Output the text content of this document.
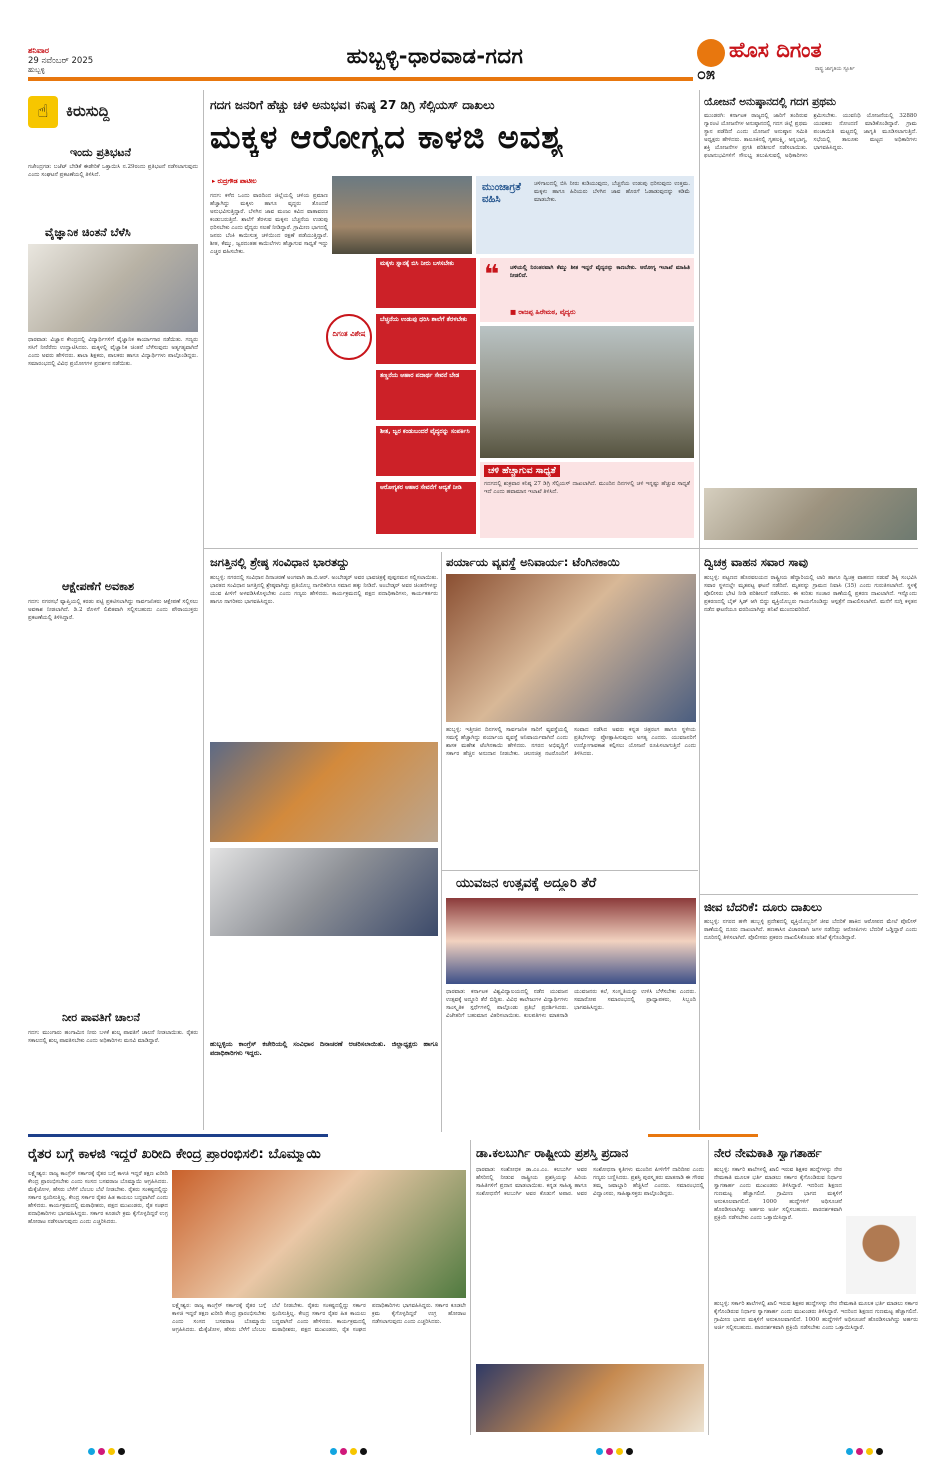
ಶನಿವಾರ
29 ನವೆಂಬರ್ 2025
ಹುಬ್ಬಳ್ಳಿ
ಹುಬ್ಬಳ್ಳಿ-ಧಾರವಾಡ-ಗದಗ	ಹೊಸ ದಿಗಂತ
ರಾಷ್ಟ್ರ ಜಾಗೃತಿಯ ಸ್ಫೂರ್ತಿ
೦೫
☝	ಕಿರುಸುದ್ದಿ
ಇಂದು ಪ್ರತಿಭಟನೆ
ಗಜೇಂದ್ರಗಡ: ಬಜೆಟ್ ಬೇಡಿಕೆ ಈಡೇರಿಕೆ ಒತ್ತಾಯಿಸಿ ನ.29ರಂದು ಪ್ರತಿಭಟನೆ ನಡೆಸಲಾಗುವುದು ಎಂದು ಸಂಘಟನೆ ಪ್ರಕಟಣೆಯಲ್ಲಿ ತಿಳಿಸಿದೆ.
ವೈಜ್ಞಾನಿಕ ಚಿಂತನೆ ಬೆಳೆಸಿ
ಧಾರವಾಡ: ವಿಜ್ಞಾನ ಕೇಂದ್ರದಲ್ಲಿ ವಿದ್ಯಾರ್ಥಿಗಳಿಗೆ ವೈಜ್ಞಾನಿಕ ಕಾರ್ಯಾಗಾರ ನಡೆಯಿತು. ಗಣ್ಯರು ಸಸಿಗೆ ನೀರೆರೆದು ಉದ್ಘಾಟಿಸಿದರು. ಮಕ್ಕಳಲ್ಲಿ ವೈಜ್ಞಾನಿಕ ಚಿಂತನೆ ಬೆಳೆಸುವುದು ಅತ್ಯಗತ್ಯವಾಗಿದೆ ಎಂದು ಅವರು ಹೇಳಿದರು. ಶಾಲಾ ಶಿಕ್ಷಕರು, ಪಾಲಕರು ಹಾಗೂ ವಿದ್ಯಾರ್ಥಿಗಳು ಪಾಲ್ಗೊಂಡಿದ್ದರು. ಸಮಾರಂಭದಲ್ಲಿ ವಿವಿಧ ಪ್ರಯೋಗಗಳ ಪ್ರದರ್ಶನ ನಡೆಯಿತು.
ಆಕ್ಷೇಪಣೆಗೆ ಅವಕಾಶ
ಗದಗ: ನಗರಸಭೆ ವ್ಯಾಪ್ತಿಯಲ್ಲಿ ಕರಡು ಪಟ್ಟಿ ಪ್ರಕಟಿಸಲಾಗಿದ್ದು ಸಾರ್ವಜನಿಕರು ಆಕ್ಷೇಪಣೆ ಸಲ್ಲಿಸಲು ಅವಕಾಶ ನೀಡಲಾಗಿದೆ. ಡಿ.2 ರೊಳಗೆ ಲಿಖಿತವಾಗಿ ಸಲ್ಲಿಸಬಹುದು ಎಂದು ಪೌರಾಯುಕ್ತರು ಪ್ರಕಟಣೆಯಲ್ಲಿ ತಿಳಿಸಿದ್ದಾರೆ.
ನೀರ ಪಾವತಿಗೆ ಚಾಲನೆ
ಗದಗ: ಮುಂಗಾರು ಹಂಗಾಮಿನ ನೀರು ಬಳಕೆ ಶುಲ್ಕ ಪಾವತಿಗೆ ಚಾಲನೆ ನೀಡಲಾಯಿತು. ರೈತರು ಸಕಾಲದಲ್ಲಿ ಶುಲ್ಕ ಪಾವತಿಸಬೇಕು ಎಂದು ಅಧಿಕಾರಿಗಳು ಮನವಿ ಮಾಡಿದ್ದಾರೆ.
ಗದಗ ಜನರಿಗೆ ಹೆಚ್ಚು ಚಳಿ ಅನುಭವ। ಕನಿಷ್ಠ 27 ಡಿಗ್ರಿ ಸೆಲ್ಸಿಯಸ್ ದಾಖಲು
ಮಕ್ಕಳ ಆರೋಗ್ಯದ ಕಾಳಜಿ ಅವಶ್ಯ
▸ ರುದ್ರಗೌಡ ಪಾಟೀಲ
ಗದಗ: ಕಳೆದ ಒಂದು ವಾರದಿಂದ ಜಿಲ್ಲೆಯಲ್ಲಿ ಚಳಿಯ ಪ್ರಮಾಣ ಹೆಚ್ಚಾಗಿದ್ದು ಮಕ್ಕಳು ಹಾಗೂ ವೃದ್ಧರು ತೊಂದರೆ ಅನುಭವಿಸುತ್ತಿದ್ದಾರೆ. ಬೆಳಗಿನ ಜಾವ ಮಂಜು ಕವಿದ ವಾತಾವರಣ ಕಂಡುಬರುತ್ತಿದೆ. ಶಾಲೆಗೆ ತೆರಳುವ ಮಕ್ಕಳು ಬೆಚ್ಚನೆಯ ಉಡುಪು ಧರಿಸಬೇಕು ಎಂದು ವೈದ್ಯರು ಸಲಹೆ ನೀಡಿದ್ದಾರೆ. ಗ್ರಾಮೀಣ ಭಾಗದಲ್ಲಿ ಜನರು ಬೆಂಕಿ ಕಾಯಿಸುತ್ತ ಚಳಿಯಿಂದ ರಕ್ಷಣೆ ಪಡೆಯುತ್ತಿದ್ದಾರೆ. ಶೀತ, ಕೆಮ್ಮು, ಜ್ವರದಂತಹ ಕಾಯಿಲೆಗಳು ಹೆಚ್ಚಾಗುವ ಸಾಧ್ಯತೆ ಇದ್ದು ಎಚ್ಚರ ವಹಿಸಬೇಕು.
ಮುಂಜಾಗ್ರತೆ ವಹಿಸಿ
ಚಳಿಗಾಲದಲ್ಲಿ ಬಿಸಿ ನೀರು ಕುಡಿಯುವುದು, ಬೆಚ್ಚನೆಯ ಉಡುಪು ಧರಿಸುವುದು ಉತ್ತಮ. ಮಕ್ಕಳು ಹಾಗೂ ಹಿರಿಯರು ಬೆಳಗಿನ ಜಾವ ಹೊರಗೆ ಓಡಾಡುವುದನ್ನು ಕಡಿಮೆ ಮಾಡಬೇಕು.
ದಿಗಂತ ವಿಶೇಷ
ಮಕ್ಕಳು ಸ್ನಾನಕ್ಕೆ ಬಿಸಿ ನೀರು ಬಳಸಬೇಕು
ಬೆಚ್ಚನೆಯ ಉಡುಪು ಧರಿಸಿ ಶಾಲೆಗೆ ತೆರಳಬೇಕು
ತಣ್ಣನೆಯ ಆಹಾರ ಪದಾರ್ಥ ಸೇವನೆ ಬೇಡ
ಶೀತ, ಜ್ವರ ಕಂಡುಬಂದರೆ ವೈದ್ಯರನ್ನು ಸಂಪರ್ಕಿಸಿ
ಆರೋಗ್ಯಕರ ಆಹಾರ ಸೇವನೆಗೆ ಆದ್ಯತೆ ನೀಡಿ
❝ ಚಳಿಯಲ್ಲಿ ನಿರಂತರವಾಗಿ ಕೆಮ್ಮು ಶೀತ ಇದ್ದರೆ ವೈದ್ಯರನ್ನು ಕಾಣಬೇಕು. ಆರೋಗ್ಯ ಇಲಾಖೆ ಮಾಹಿತಿ ನೀಡಲಿದೆ.
■ ರಾಜಪ್ಪ ಹಿರೇಮಠ, ವೈದ್ಯರು
ಚಳಿ ಹೆಚ್ಚಾಗುವ ಸಾಧ್ಯತೆ
ಗದಗದಲ್ಲಿ ಶುಕ್ರವಾರ ಕನಿಷ್ಠ 27 ಡಿಗ್ರಿ ಸೆಲ್ಸಿಯಸ್ ದಾಖಲಾಗಿದೆ. ಮುಂದಿನ ದಿನಗಳಲ್ಲಿ ಚಳಿ ಇನ್ನಷ್ಟು ಹೆಚ್ಚುವ ಸಾಧ್ಯತೆ ಇದೆ ಎಂದು ಹವಾಮಾನ ಇಲಾಖೆ ತಿಳಿಸಿದೆ.
ಯೋಜನೆ ಅನುಷ್ಠಾನದಲ್ಲಿ ಗದಗ ಪ್ರಥಮ
ಮುಂಡರಗಿ: ಕರ್ನಾಟಕ ರಾಜ್ಯದಲ್ಲಿ ಜಾರಿಗೆ ತಂದಿರುವ ಗ್ಯಾರಂಟಿ ಯೋಜನೆಗಳ ಅನುಷ್ಠಾನದಲ್ಲಿ ಗದಗ ಜಿಲ್ಲೆ ಪ್ರಥಮ ಸ್ಥಾನ ಪಡೆದಿದೆ ಎಂದು ಯೋಜನೆ ಅನುಷ್ಠಾನ ಸಮಿತಿ ಅಧ್ಯಕ್ಷರು ಹೇಳಿದರು. ತಾಲೂಕಿನಲ್ಲಿ ಗೃಹಲಕ್ಷ್ಮಿ, ಅನ್ನಭಾಗ್ಯ, ಶಕ್ತಿ ಯೋಜನೆಗಳ ಪ್ರಗತಿ ಪರಿಶೀಲನೆ ನಡೆಸಲಾಯಿತು. ಫಲಾನುಭವಿಗಳಿಗೆ ಸೌಲಭ್ಯ ತಲುಪಿಸುವಲ್ಲಿ ಅಧಿಕಾರಿಗಳು ಶ್ರಮಿಸಬೇಕು. ಯುವನಿಧಿ ಯೋಜನೆಯಲ್ಲಿ 32880 ಯುವಕರು ನೋಂದಣಿ ಮಾಡಿಕೊಂಡಿದ್ದಾರೆ. ಗ್ರಾಮ ಪಂಚಾಯಿತಿ ಮಟ್ಟದಲ್ಲಿ ಜಾಗೃತಿ ಮೂಡಿಸಲಾಗುತ್ತಿದೆ. ಸಭೆಯಲ್ಲಿ ತಾಲೂಕು ಮಟ್ಟದ ಅಧಿಕಾರಿಗಳು ಭಾಗವಹಿಸಿದ್ದರು.
ಜಗತ್ತಿನಲ್ಲಿ ಶ್ರೇಷ್ಠ ಸಂವಿಧಾನ ಭಾರತದ್ದು
ಹುಬ್ಬಳ್ಳಿ: ನಗರದಲ್ಲಿ ಸಂವಿಧಾನ ದಿನಾಚರಣೆ ಅಂಗವಾಗಿ ಡಾ.ಬಿ.ಆರ್. ಅಂಬೇಡ್ಕರ್ ಅವರ ಭಾವಚಿತ್ರಕ್ಕೆ ಪುಷ್ಪನಮನ ಸಲ್ಲಿಸಲಾಯಿತು. ಭಾರತದ ಸಂವಿಧಾನ ಜಗತ್ತಿನಲ್ಲಿ ಶ್ರೇಷ್ಠವಾಗಿದ್ದು ಪ್ರತಿಯೊಬ್ಬ ನಾಗರಿಕರಿಗೂ ಸಮಾನ ಹಕ್ಕು ನೀಡಿದೆ. ಅಂಬೇಡ್ಕರ್ ಅವರ ಚಿಂತನೆಗಳನ್ನು ಯುವ ಪೀಳಿಗೆ ಅಳವಡಿಸಿಕೊಳ್ಳಬೇಕು ಎಂದು ಗಣ್ಯರು ಹೇಳಿದರು. ಕಾರ್ಯಕ್ರಮದಲ್ಲಿ ಪಕ್ಷದ ಪದಾಧಿಕಾರಿಗಳು, ಕಾರ್ಯಕರ್ತರು ಹಾಗೂ ನಾಗರಿಕರು ಭಾಗವಹಿಸಿದ್ದರು.
ಹುಬ್ಬಳ್ಳಿಯ ಕಾಂಗ್ರೆಸ್ ಕಚೇರಿಯಲ್ಲಿ ಸಂವಿಧಾನ ದಿನಾಚರಣೆ ಆಚರಿಸಲಾಯಿತು. ಜಿಲ್ಲಾಧ್ಯಕ್ಷರು ಹಾಗೂ ಪದಾಧಿಕಾರಿಗಳು ಇದ್ದರು.
ಪರ್ಯಾಯ ವ್ಯವಸ್ಥೆ ಅನಿವಾರ್ಯ: ಟೆಂಗಿನಕಾಯಿ
ಹುಬ್ಬಳ್ಳಿ: ಇತ್ತೀಚಿನ ದಿನಗಳಲ್ಲಿ ಸಾರ್ವಜನಿಕ ಸಾರಿಗೆ ವ್ಯವಸ್ಥೆಯಲ್ಲಿ ಸಮಸ್ಯೆ ಹೆಚ್ಚಾಗಿದ್ದು ಪರ್ಯಾಯ ವ್ಯವಸ್ಥೆ ಅನಿವಾರ್ಯವಾಗಿದೆ ಎಂದು ಶಾಸಕ ಮಹೇಶ ಟೆಂಗಿನಕಾಯಿ ಹೇಳಿದರು. ನಗರದ ಅಭಿವೃದ್ಧಿಗೆ ಸರ್ಕಾರ ಹೆಚ್ಚಿನ ಅನುದಾನ ನೀಡಬೇಕು. ಚಲನಚಿತ್ರ ನಟರೊಂದಿಗೆ ಸಂವಾದ ನಡೆಸಿದ ಅವರು ಕನ್ನಡ ಚಿತ್ರರಂಗ ಹಾಗೂ ಸ್ಥಳೀಯ ಪ್ರತಿಭೆಗಳನ್ನು ಪ್ರೋತ್ಸಾಹಿಸುವುದು ಅಗತ್ಯ ಎಂದರು. ಯುವಜನರಿಗೆ ಉದ್ಯೋಗಾವಕಾಶ ಕಲ್ಪಿಸಲು ಯೋಜನೆ ರೂಪಿಸಲಾಗುತ್ತಿದೆ ಎಂದು ತಿಳಿಸಿದರು.
ಯುವಜನ ಉತ್ಸವಕ್ಕೆ ಅದ್ದೂರಿ ತೆರೆ
ಧಾರವಾಡ: ಕರ್ನಾಟಕ ವಿಶ್ವವಿದ್ಯಾಲಯದಲ್ಲಿ ನಡೆದ ಯುವಜನ ಉತ್ಸವಕ್ಕೆ ಅದ್ದೂರಿ ತೆರೆ ಬಿದ್ದಿತು. ವಿವಿಧ ಕಾಲೇಜುಗಳ ವಿದ್ಯಾರ್ಥಿಗಳು ಸಾಂಸ್ಕೃತಿಕ ಸ್ಪರ್ಧೆಗಳಲ್ಲಿ ಪಾಲ್ಗೊಂಡು ಪ್ರತಿಭೆ ಪ್ರದರ್ಶಿಸಿದರು. ವಿಜೇತರಿಗೆ ಬಹುಮಾನ ವಿತರಿಸಲಾಯಿತು. ಕುಲಪತಿಗಳು ಮಾತನಾಡಿ ಯುವಜನರು ಕಲೆ, ಸಂಸ್ಕೃತಿಯನ್ನು ಉಳಿಸಿ ಬೆಳೆಸಬೇಕು ಎಂದರು. ಸಮಾರೋಪ ಸಮಾರಂಭದಲ್ಲಿ ಪ್ರಾಧ್ಯಾಪಕರು, ಸಿಬ್ಬಂದಿ ಭಾಗವಹಿಸಿದ್ದರು.
ದ್ವಿಚಕ್ರ ವಾಹನ ಸವಾರ ಸಾವು
ಹುಬ್ಬಳ್ಳಿ: ಪಟ್ಟಣದ ಹೊರವಲಯದ ರಾಷ್ಟ್ರೀಯ ಹೆದ್ದಾರಿಯಲ್ಲಿ ಲಾರಿ ಹಾಗೂ ದ್ವಿಚಕ್ರ ವಾಹನದ ನಡುವೆ ಡಿಕ್ಕಿ ಸಂಭವಿಸಿ ಸವಾರ ಸ್ಥಳದಲ್ಲೇ ಮೃತಪಟ್ಟ ಘಟನೆ ನಡೆದಿದೆ. ಮೃತನನ್ನು ಗ್ರಾಮದ ನಿವಾಸಿ (35) ಎಂದು ಗುರುತಿಸಲಾಗಿದೆ. ಸ್ಥಳಕ್ಕೆ ಪೊಲೀಸರು ಭೇಟಿ ನೀಡಿ ಪರಿಶೀಲನೆ ನಡೆಸಿದರು. ಈ ಕುರಿತು ಸಂಚಾರ ಠಾಣೆಯಲ್ಲಿ ಪ್ರಕರಣ ದಾಖಲಾಗಿದೆ. ಇನ್ನೊಂದು ಪ್ರಕರಣದಲ್ಲಿ ಬೈಕ್ ಸ್ಕಿಡ್ ಆಗಿ ಬಿದ್ದು ವ್ಯಕ್ತಿಯೊಬ್ಬರು ಗಾಯಗೊಂಡಿದ್ದು ಆಸ್ಪತ್ರೆಗೆ ದಾಖಲಿಸಲಾಗಿದೆ. ಮನೆಗೆ ನುಗ್ಗಿ ಕಳ್ಳತನ ನಡೆದ ಘಟನೆಯೂ ವರದಿಯಾಗಿದ್ದು ತನಿಖೆ ಮುಂದುವರಿದಿದೆ.
ಜೀವ ಬೆದರಿಕೆ: ದೂರು ದಾಖಲು
ಹುಬ್ಬಳ್ಳಿ: ನಗರದ ಹಳೇ ಹುಬ್ಬಳ್ಳಿ ಪ್ರದೇಶದಲ್ಲಿ ವ್ಯಕ್ತಿಯೊಬ್ಬರಿಗೆ ಜೀವ ಬೆದರಿಕೆ ಹಾಕಿದ ಆರೋಪದ ಮೇಲೆ ಪೊಲೀಸ್ ಠಾಣೆಯಲ್ಲಿ ದೂರು ದಾಖಲಾಗಿದೆ. ಹಣಕಾಸಿನ ವಿಚಾರವಾಗಿ ಜಗಳ ನಡೆದಿದ್ದು ಆರೋಪಿಗಳು ಬೆದರಿಕೆ ಒಡ್ಡಿದ್ದಾರೆ ಎಂದು ದೂರಿನಲ್ಲಿ ತಿಳಿಸಲಾಗಿದೆ. ಪೊಲೀಸರು ಪ್ರಕರಣ ದಾಖಲಿಸಿಕೊಂಡು ತನಿಖೆ ಕೈಗೊಂಡಿದ್ದಾರೆ.
ರೈತರ ಬಗ್ಗೆ ಕಾಳಜಿ ಇದ್ದರೆ ಖರೀದಿ ಕೇಂದ್ರ ಪ್ರಾರಂಭಿಸಲಿ: ಬೊಮ್ಮಾಯಿ
ಲಕ್ಷ್ಮೇಶ್ವರ: ರಾಜ್ಯ ಕಾಂಗ್ರೆಸ್ ಸರ್ಕಾರಕ್ಕೆ ರೈತರ ಬಗ್ಗೆ ಕಾಳಜಿ ಇದ್ದರೆ ತಕ್ಷಣ ಖರೀದಿ ಕೇಂದ್ರ ಪ್ರಾರಂಭಿಸಬೇಕು ಎಂದು ಸಂಸದ ಬಸವರಾಜ ಬೊಮ್ಮಾಯಿ ಆಗ್ರಹಿಸಿದರು. ಮೆಕ್ಕೆಜೋಳ, ಹೆಸರು ಬೆಳೆಗೆ ಬೆಂಬಲ ಬೆಲೆ ನೀಡಬೇಕು. ರೈತರು ಸಂಕಷ್ಟದಲ್ಲಿದ್ದು ಸರ್ಕಾರ ಸ್ಪಂದಿಸುತ್ತಿಲ್ಲ. ಕೇಂದ್ರ ಸರ್ಕಾರ ರೈತರ ಹಿತ ಕಾಯಲು ಬದ್ಧವಾಗಿದೆ ಎಂದು ಹೇಳಿದರು. ಕಾರ್ಯಕ್ರಮದಲ್ಲಿ ಮಠಾಧೀಶರು, ಪಕ್ಷದ ಮುಖಂಡರು, ರೈತ ಸಂಘದ ಪದಾಧಿಕಾರಿಗಳು ಭಾಗವಹಿಸಿದ್ದರು. ಸರ್ಕಾರ ಕೂಡಲೇ ಕ್ರಮ ಕೈಗೊಳ್ಳದಿದ್ದರೆ ಉಗ್ರ ಹೋರಾಟ ನಡೆಸಲಾಗುವುದು ಎಂದು ಎಚ್ಚರಿಸಿದರು.
ಲಕ್ಷ್ಮೇಶ್ವರ: ರಾಜ್ಯ ಕಾಂಗ್ರೆಸ್ ಸರ್ಕಾರಕ್ಕೆ ರೈತರ ಬಗ್ಗೆ ಕಾಳಜಿ ಇದ್ದರೆ ತಕ್ಷಣ ಖರೀದಿ ಕೇಂದ್ರ ಪ್ರಾರಂಭಿಸಬೇಕು ಎಂದು ಸಂಸದ ಬಸವರಾಜ ಬೊಮ್ಮಾಯಿ ಆಗ್ರಹಿಸಿದರು. ಮೆಕ್ಕೆಜೋಳ, ಹೆಸರು ಬೆಳೆಗೆ ಬೆಂಬಲ ಬೆಲೆ ನೀಡಬೇಕು. ರೈತರು ಸಂಕಷ್ಟದಲ್ಲಿದ್ದು ಸರ್ಕಾರ ಸ್ಪಂದಿಸುತ್ತಿಲ್ಲ. ಕೇಂದ್ರ ಸರ್ಕಾರ ರೈತರ ಹಿತ ಕಾಯಲು ಬದ್ಧವಾಗಿದೆ ಎಂದು ಹೇಳಿದರು. ಕಾರ್ಯಕ್ರಮದಲ್ಲಿ ಮಠಾಧೀಶರು, ಪಕ್ಷದ ಮುಖಂಡರು, ರೈತ ಸಂಘದ ಪದಾಧಿಕಾರಿಗಳು ಭಾಗವಹಿಸಿದ್ದರು. ಸರ್ಕಾರ ಕೂಡಲೇ ಕ್ರಮ ಕೈಗೊಳ್ಳದಿದ್ದರೆ ಉಗ್ರ ಹೋರಾಟ ನಡೆಸಲಾಗುವುದು ಎಂದು ಎಚ್ಚರಿಸಿದರು.
ಡಾ.ಕಲಬುರ್ಗಿ ರಾಷ್ಟ್ರೀಯ ಪ್ರಶಸ್ತಿ ಪ್ರದಾನ
ಧಾರವಾಡ: ಸಂಶೋಧಕ ಡಾ.ಎಂ.ಎಂ. ಕಲಬುರ್ಗಿ ಅವರ ಹೆಸರಿನಲ್ಲಿ ನೀಡುವ ರಾಷ್ಟ್ರೀಯ ಪ್ರಶಸ್ತಿಯನ್ನು ಹಿರಿಯ ಸಾಹಿತಿಗಳಿಗೆ ಪ್ರದಾನ ಮಾಡಲಾಯಿತು. ಕನ್ನಡ ಸಾಹಿತ್ಯ ಹಾಗೂ ಸಂಶೋಧನೆಗೆ ಕಲಬುರ್ಗಿ ಅವರ ಕೊಡುಗೆ ಅಪಾರ. ಅವರ ಸಂಶೋಧನಾ ಕೃತಿಗಳು ಮುಂದಿನ ಪೀಳಿಗೆಗೆ ದಾರಿದೀಪ ಎಂದು ಗಣ್ಯರು ಬಣ್ಣಿಸಿದರು. ಪ್ರಶಸ್ತಿ ಪುರಸ್ಕೃತರು ಮಾತನಾಡಿ ಈ ಗೌರವ ತಮ್ಮ ಜವಾಬ್ದಾರಿ ಹೆಚ್ಚಿಸಿದೆ ಎಂದರು. ಸಮಾರಂಭದಲ್ಲಿ ವಿದ್ವಾಂಸರು, ಸಾಹಿತ್ಯಾಸಕ್ತರು ಪಾಲ್ಗೊಂಡಿದ್ದರು.
ನೇರ ನೇಮಕಾತಿ ಸ್ವಾಗತಾರ್ಹ
ಹುಬ್ಬಳ್ಳಿ: ಸರ್ಕಾರಿ ಶಾಲೆಗಳಲ್ಲಿ ಖಾಲಿ ಇರುವ ಶಿಕ್ಷಕರ ಹುದ್ದೆಗಳನ್ನು ನೇರ ನೇಮಕಾತಿ ಮೂಲಕ ಭರ್ತಿ ಮಾಡಲು ಸರ್ಕಾರ ಕೈಗೊಂಡಿರುವ ನಿರ್ಧಾರ ಸ್ವಾಗತಾರ್ಹ ಎಂದು ಮುಖಂಡರು ತಿಳಿಸಿದ್ದಾರೆ. ಇದರಿಂದ ಶಿಕ್ಷಣದ ಗುಣಮಟ್ಟ ಹೆಚ್ಚಾಗಲಿದೆ. ಗ್ರಾಮೀಣ ಭಾಗದ ಮಕ್ಕಳಿಗೆ ಅನುಕೂಲವಾಗಲಿದೆ. 1000 ಹುದ್ದೆಗಳಿಗೆ ಅಧಿಸೂಚನೆ ಹೊರಡಿಸಲಾಗಿದ್ದು ಅರ್ಹರು ಅರ್ಜಿ ಸಲ್ಲಿಸಬಹುದು. ಪಾರದರ್ಶಕವಾಗಿ ಪ್ರಕ್ರಿಯೆ ನಡೆಸಬೇಕು ಎಂದು ಒತ್ತಾಯಿಸಿದ್ದಾರೆ.
ಹುಬ್ಬಳ್ಳಿ: ಸರ್ಕಾರಿ ಶಾಲೆಗಳಲ್ಲಿ ಖಾಲಿ ಇರುವ ಶಿಕ್ಷಕರ ಹುದ್ದೆಗಳನ್ನು ನೇರ ನೇಮಕಾತಿ ಮೂಲಕ ಭರ್ತಿ ಮಾಡಲು ಸರ್ಕಾರ ಕೈಗೊಂಡಿರುವ ನಿರ್ಧಾರ ಸ್ವಾಗತಾರ್ಹ ಎಂದು ಮುಖಂಡರು ತಿಳಿಸಿದ್ದಾರೆ. ಇದರಿಂದ ಶಿಕ್ಷಣದ ಗುಣಮಟ್ಟ ಹೆಚ್ಚಾಗಲಿದೆ. ಗ್ರಾಮೀಣ ಭಾಗದ ಮಕ್ಕಳಿಗೆ ಅನುಕೂಲವಾಗಲಿದೆ. 1000 ಹುದ್ದೆಗಳಿಗೆ ಅಧಿಸೂಚನೆ ಹೊರಡಿಸಲಾಗಿದ್ದು ಅರ್ಹರು ಅರ್ಜಿ ಸಲ್ಲಿಸಬಹುದು. ಪಾರದರ್ಶಕವಾಗಿ ಪ್ರಕ್ರಿಯೆ ನಡೆಸಬೇಕು ಎಂದು ಒತ್ತಾಯಿಸಿದ್ದಾರೆ.
